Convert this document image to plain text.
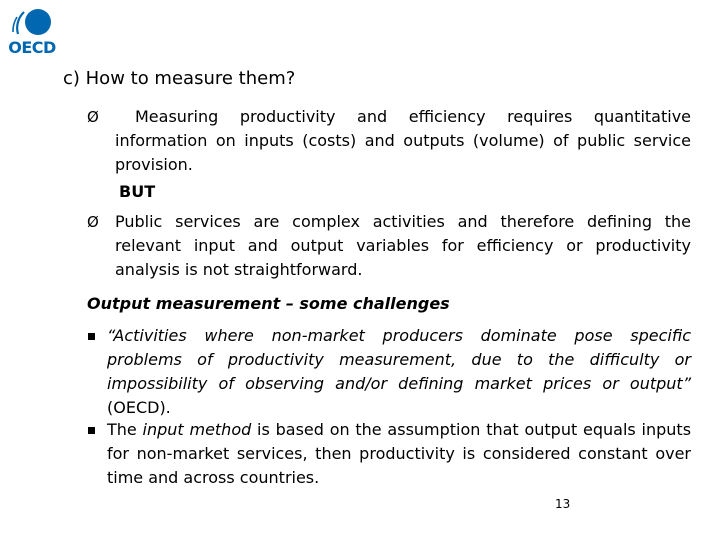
OECD
c) How to measure them?
Ø	Measuring productivity and efficiency requires quantitative information on inputs (costs) and outputs (volume) of public service provision.
BUT
Ø Public services are complex activities and therefore defining the relevant input and output variables for efficiency or productivity analysis is not straightforward.
Output measurement – some challenges
“Activities where non-market producers dominate pose specific problems of productivity measurement, due to the difficulty or impossibility of observing and/or defining market prices or output” (OECD).
The input method is based on the assumption that output equals inputs for non-market services, then productivity is considered constant over time and across countries.
13
